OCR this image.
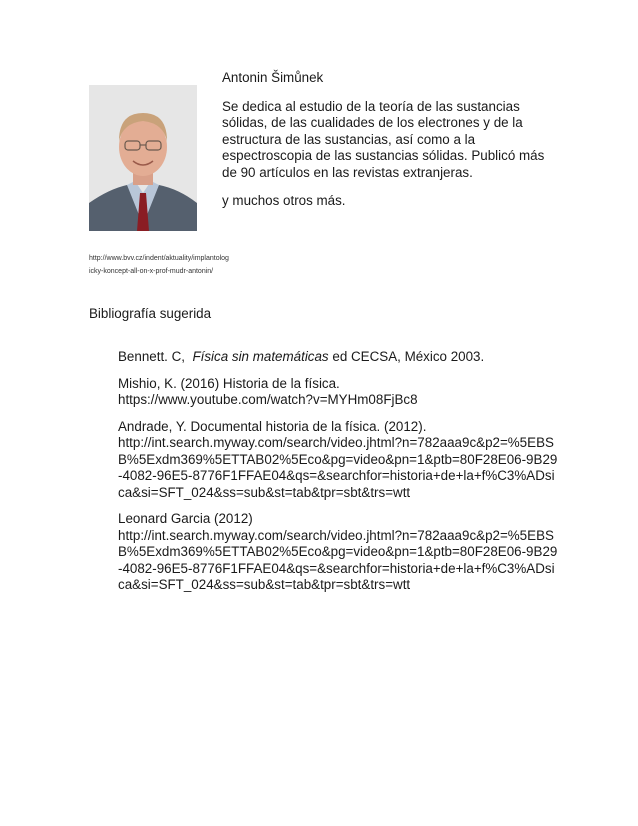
http://www.bvv.cz/indent/aktuality/implantologicky-koncept-all-on-x-prof-mudr-antonin/

Antonin Šimůnek

Se dedica al estudio de la teoría de las sustancias sólidas, de las cualidades de los electrones y de la estructura de las sustancias, así como a la espectroscopia de las sustancias sólidas. Publicó más de 90 artículos en las revistas extranjeras.

y muchos otros más.

Bibliografía sugerida
Bennett. C, Física sin matemáticas ed CECSA, México 2003.
Mishio, K. (2016) Historia de la física.
https://www.youtube.com/watch?v=MYHm08FjBc8
Andrade, Y. Documental historia de la física. (2012).
http://int.search.myway.com/search/video.jhtml?n=782aaa9c&p2=%5EBSB%5Exdm369%5ETTAB02%5Eco&pg=video&pn=1&ptb=80F28E06-9B29-4082-96E5-8776F1FFAE04&qs=&searchfor=historia+de+la+f%C3%ADsica&si=SFT_024&ss=sub&st=tab&tpr=sbt&trs=wtt
Leonard Garcia (2012)
http://int.search.myway.com/search/video.jhtml?n=782aaa9c&p2=%5EBSB%5Exdm369%5ETTAB02%5Eco&pg=video&pn=1&ptb=80F28E06-9B29-4082-96E5-8776F1FFAE04&qs=&searchfor=historia+de+la+f%C3%ADsica&si=SFT_024&ss=sub&st=tab&tpr=sbt&trs=wtt
